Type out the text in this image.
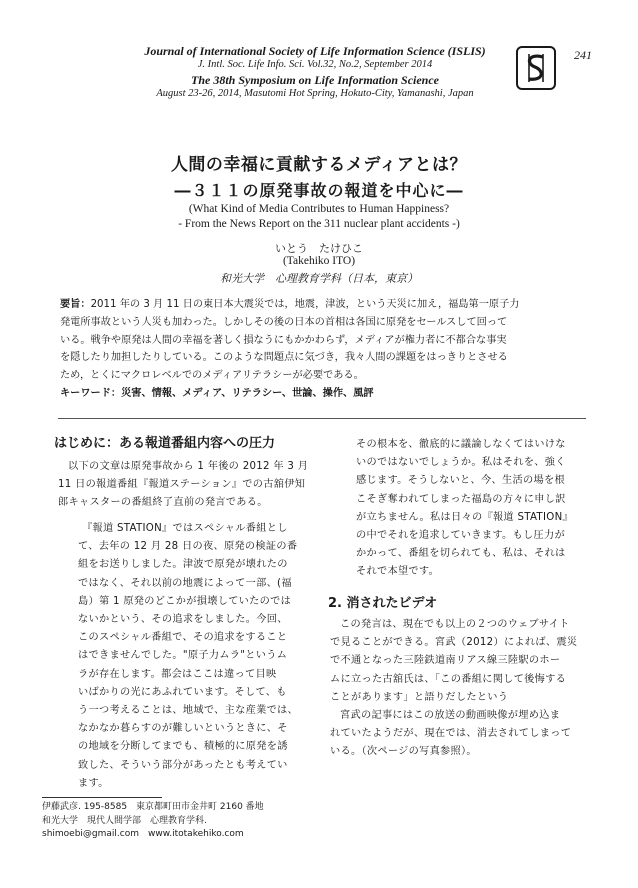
Journal of International Society of Life Information Science (ISLIS)
J. Intl. Soc. Life Info. Sci. Vol.32, No.2, September 2014
The 38th Symposium on Life Information Science
August 23-26, 2014, Masutomi Hot Spring, Hokuto-City, Yamanashi, Japan
241
人間の幸福に貢献するメディアとは？
―３１１の原発事故の報道を中心に―
(What Kind of Media Contributes to Human Happiness?
- From the News Report on the 311 nuclear plant accidents -)
いとう　たけひこ
(Takehiko ITO)
和光大学　心理教育学科（日本，東京）
要旨：2011 年の 3 月 11 日の東日本大震災では，地震，津波，という天災に加え，福島第一原子力
発電所事故という人災も加わった。しかしその後の日本の首相は各国に原発をセールスして回って
いる。戦争や原発は人間の幸福を著しく損なうにもかかわらず，メディアが権力者に不都合な事実
を隠したり加担したりしている。このような問題点に気づき，我々人間の課題をはっきりとさせる
ため，とくにマクロレベルでのメディアリテラシーが必要である。
キーワード：災害、情報、メディア、リテラシー、世論、操作、風評
はじめに：ある報道番組内容への圧力

以下の文章は原発事故から 1 年後の 2012 年 3 月

11 日の報道番組『報道ステーション』での古舘伊知

郎キャスターの番組終了直前の発言である。

『報道 STATION』ではスペシャル番組とし

て、去年の 12 月 28 日の夜、原発の検証の番

組をお送りしました。津波で原発が壊れたの

ではなく、それ以前の地震によって一部、(福

島）第 1 原発のどこかが損壊していたのでは

ないかという、その追求をしました。今回、

このスペシャル番組で、その追求をすること

はできませんでした。"原子力ムラ"というム

ラが存在します。都会はここは違って目映

いばかりの光にあふれています。そして、も

う一つ考えることは、地域で、主な産業では、

なかなか暮らすのが難しいというときに、そ

の地域を分断してまでも、積極的に原発を誘

致した、そういう部分があったとも考えてい

ます。

その根本を、徹底的に議論しなくてはいけな

いのではないでしょうか。私はそれを、強く

感じます。そうしないと、今、生活の場を根

こそぎ奪われてしまった福島の方々に申し訳

が立ちません。私は日々の『報道 STATION』

の中でそれを追求していきます。もし圧力が

かかって、番組を切られても、私は、それは

それで本望です。

2. 消されたビデオ

この発言は、現在でも以上の２つのウェブサイト

で見ることができる。宮武（2012）によれば、震災

で不通となった三陸鉄道南リアス線三陸駅のホー

ムに立った古舘氏は、「この番組に関して後悔する

ことがあります」と語りだしたという

宮武の記事にはこの放送の動画映像が埋め込ま

れていたようだが、現在では、消去されてしまって

いる。（次ページの写真参照）。

伊藤武彦. 195-8585　東京都町田市金井町 2160 番地
和光大学　現代人間学部　心理教育学科.
shimoebi@gmail.com　www.itotakehiko.com
